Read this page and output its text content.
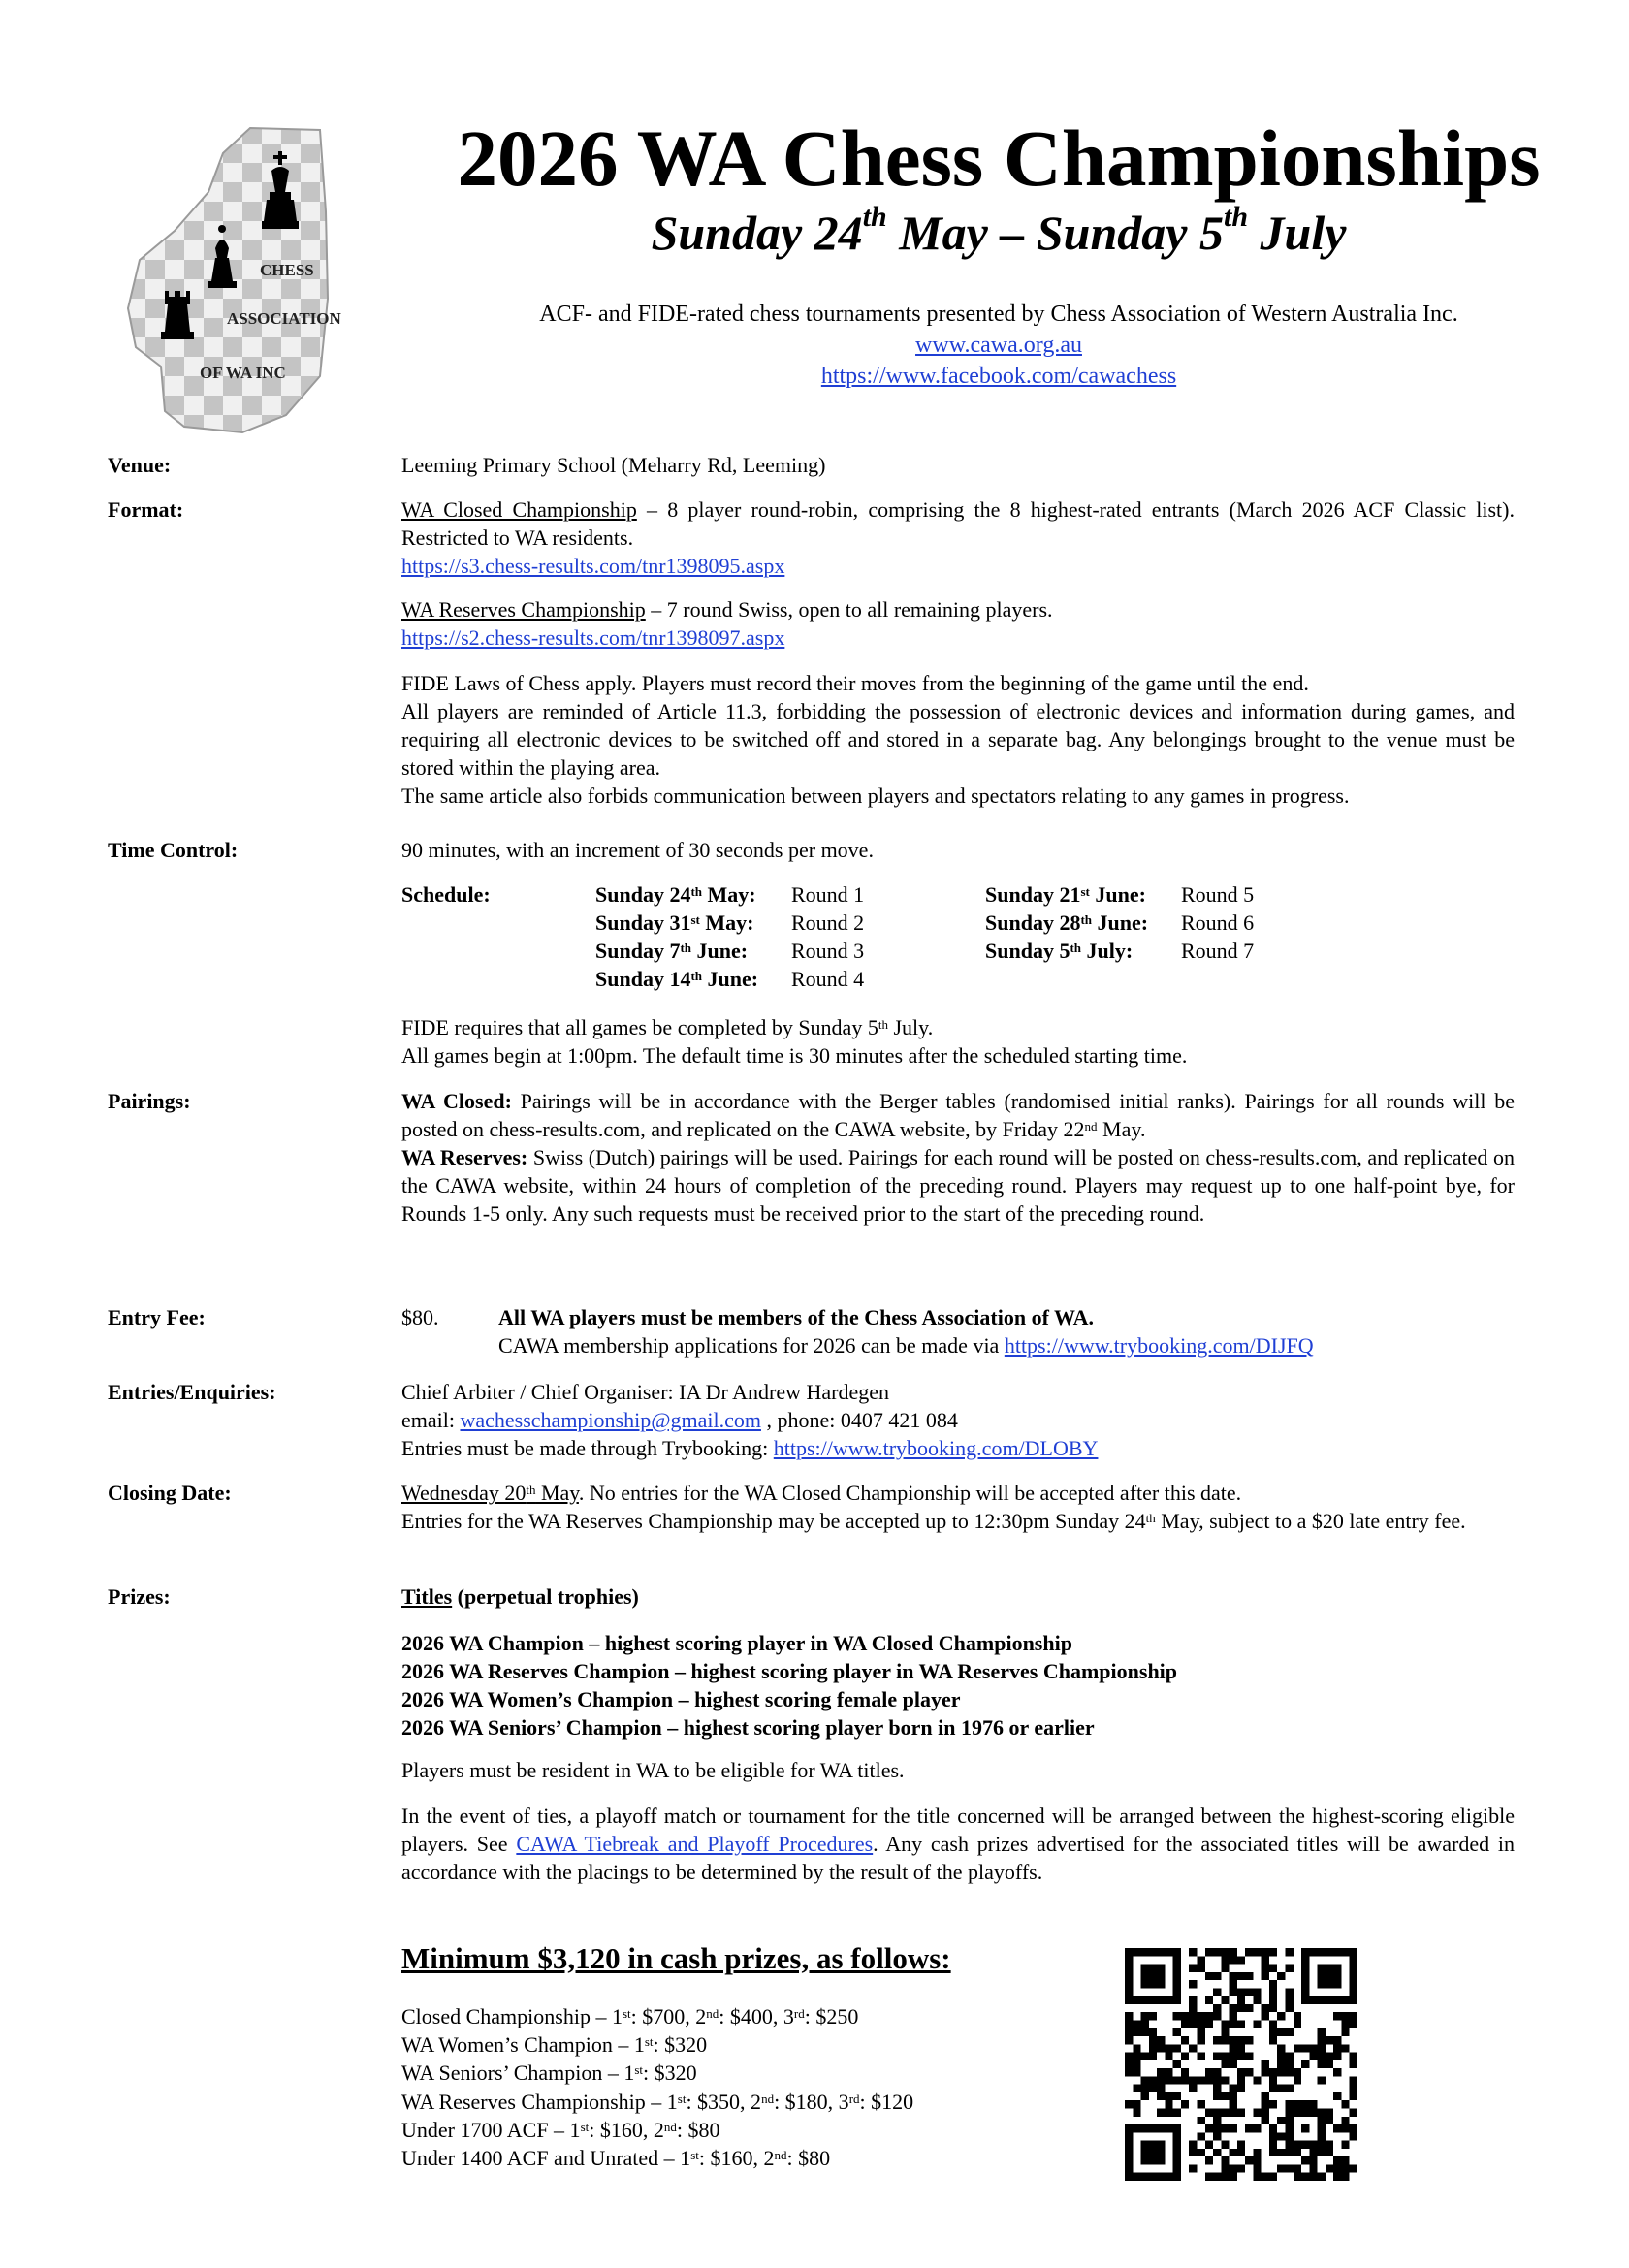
CHESS
ASSOCIATION
OF WA INC
2026 WA Chess Championships
Sunday 24th May – Sunday 5th July
ACF- and FIDE-rated chess tournaments presented by Chess Association of Western Australia Inc.
www.cawa.org.au
https://www.facebook.com/cawachess
Venue:	Leeming Primary School (Meharry Rd, Leeming)
Format:	WA Closed Championship – 8 player round-robin, comprising the 8 highest-rated entrants (March 2026 ACF Classic list). Restricted to WA residents.
https://s3.chess-results.com/tnr1398095.aspx

WA Reserves Championship – 7 round Swiss, open to all remaining players.
https://s2.chess-results.com/tnr1398097.aspx

FIDE Laws of Chess apply. Players must record their moves from the beginning of the game until the end.

All players are reminded of Article 11.3, forbidding the possession of electronic devices and information during games, and requiring all electronic devices to be switched off and stored in a separate bag. Any belongings brought to the venue must be stored within the playing area.

The same article also forbids communication between players and spectators relating to any games in progress.

Time Control:	90 minutes, with an increment of 30 seconds per move.
Schedule:	Sunday 24th May: Round 1
Sunday 31st May: Round 2
Sunday 7th June: Round 3
Sunday 14th June: Round 4
Sunday 21st June: Round 5
Sunday 28th June: Round 6
Sunday 5th July: Round 7

FIDE requires that all games be completed by Sunday 5th July.

All games begin at 1:00pm. The default time is 30 minutes after the scheduled starting time.

Pairings:	WA Closed: Pairings will be in accordance with the Berger tables (randomised initial ranks). Pairings for all rounds will be posted on chess-results.com, and replicated on the CAWA website, by Friday 22nd May.

WA Reserves: Swiss (Dutch) pairings will be used. Pairings for each round will be posted on chess-results.com, and replicated on the CAWA website, within 24 hours of completion of the preceding round. Players may request up to one half-point bye, for Rounds 1-5 only. Any such requests must be received prior to the start of the preceding round.

Entry Fee:	$80.	All WA players must be members of the Chess Association of WA.
CAWA membership applications for 2026 can be made via https://www.trybooking.com/DIJFQ
Entries/Enquiries:	Chief Arbiter / Chief Organiser: IA Dr Andrew Hardegen
email: wachesschampionship@gmail.com , phone: 0407 421 084
Entries must be made through Trybooking: https://www.trybooking.com/DLOBY
Closing Date:	Wednesday 20th May. No entries for the WA Closed Championship will be accepted after this date.
Entries for the WA Reserves Championship may be accepted up to 12:30pm Sunday 24th May, subject to a $20 late entry fee.

Prizes:	Titles (perpetual trophies)
2026 WA Champion – highest scoring player in WA Closed Championship
2026 WA Reserves Champion – highest scoring player in WA Reserves Championship
2026 WA Women’s Champion – highest scoring female player
2026 WA Seniors’ Champion – highest scoring player born in 1976 or earlier
Players must be resident in WA to be eligible for WA titles.

In the event of ties, a playoff match or tournament for the title concerned will be arranged between the highest-scoring eligible players. See CAWA Tiebreak and Playoff Procedures. Any cash prizes advertised for the associated titles will be awarded in accordance with the placings to be determined by the result of the playoffs.

Minimum $3,120 in cash prizes, as follows:
Closed Championship – 1st: $700, 2nd: $400, 3rd: $250
WA Women’s Champion – 1st: $320
WA Seniors’ Champion – 1st: $320
WA Reserves Championship – 1st: $350, 2nd: $180, 3rd: $120
Under 1700 ACF – 1st: $160, 2nd: $80
Under 1400 ACF and Unrated – 1st: $160, 2nd: $80
